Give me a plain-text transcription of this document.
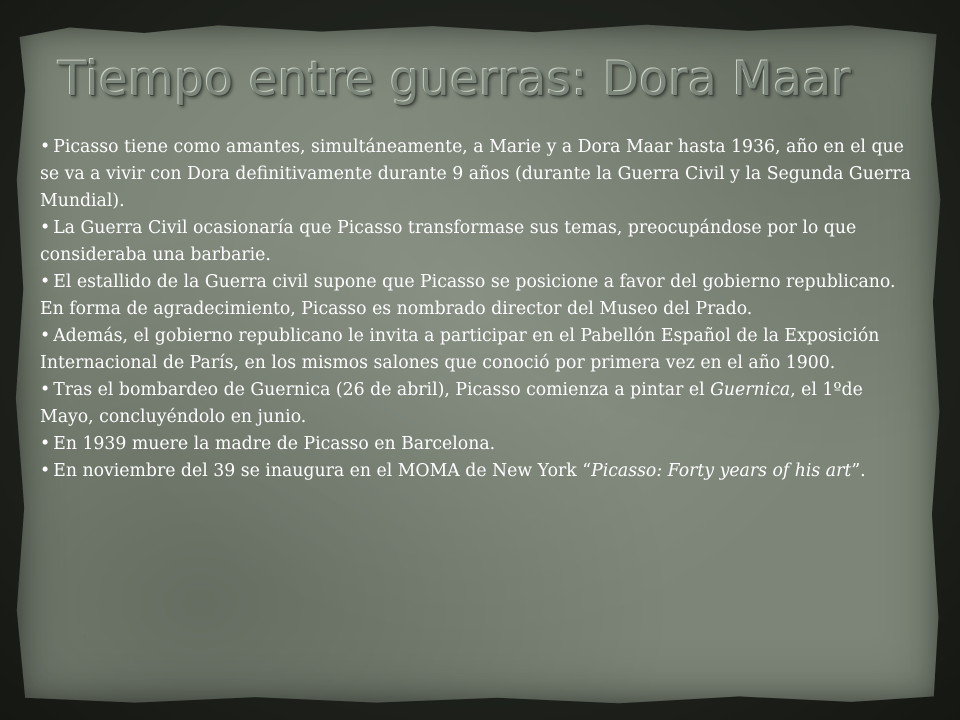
Tiempo entre guerras: Dora Maar
• Picasso tiene como amantes, simultáneamente, a Marie y a Dora Maar hasta 1936, año en el que se va a vivir con Dora definitivamente durante 9 años (durante la Guerra Civil y la Segunda Guerra Mundial).
• La Guerra Civil ocasionaría que Picasso transformase sus temas, preocupándose por lo que consideraba una barbarie.
• El estallido de la Guerra civil supone que Picasso se posicione a favor del gobierno republicano. En forma de agradecimiento, Picasso es nombrado director del Museo del Prado.
• Además, el gobierno republicano le invita a participar en el Pabellón Español de la Exposición Internacional de París, en los mismos salones que conoció por primera vez en el año 1900.
• Tras el bombardeo de Guernica (26 de abril), Picasso comienza a pintar el Guernica, el 1ºde Mayo, concluyéndolo en junio.
• En 1939 muere la madre de Picasso en Barcelona.
• En noviembre del 39 se inaugura en el MOMA de New York “Picasso: Forty years of his art”.
